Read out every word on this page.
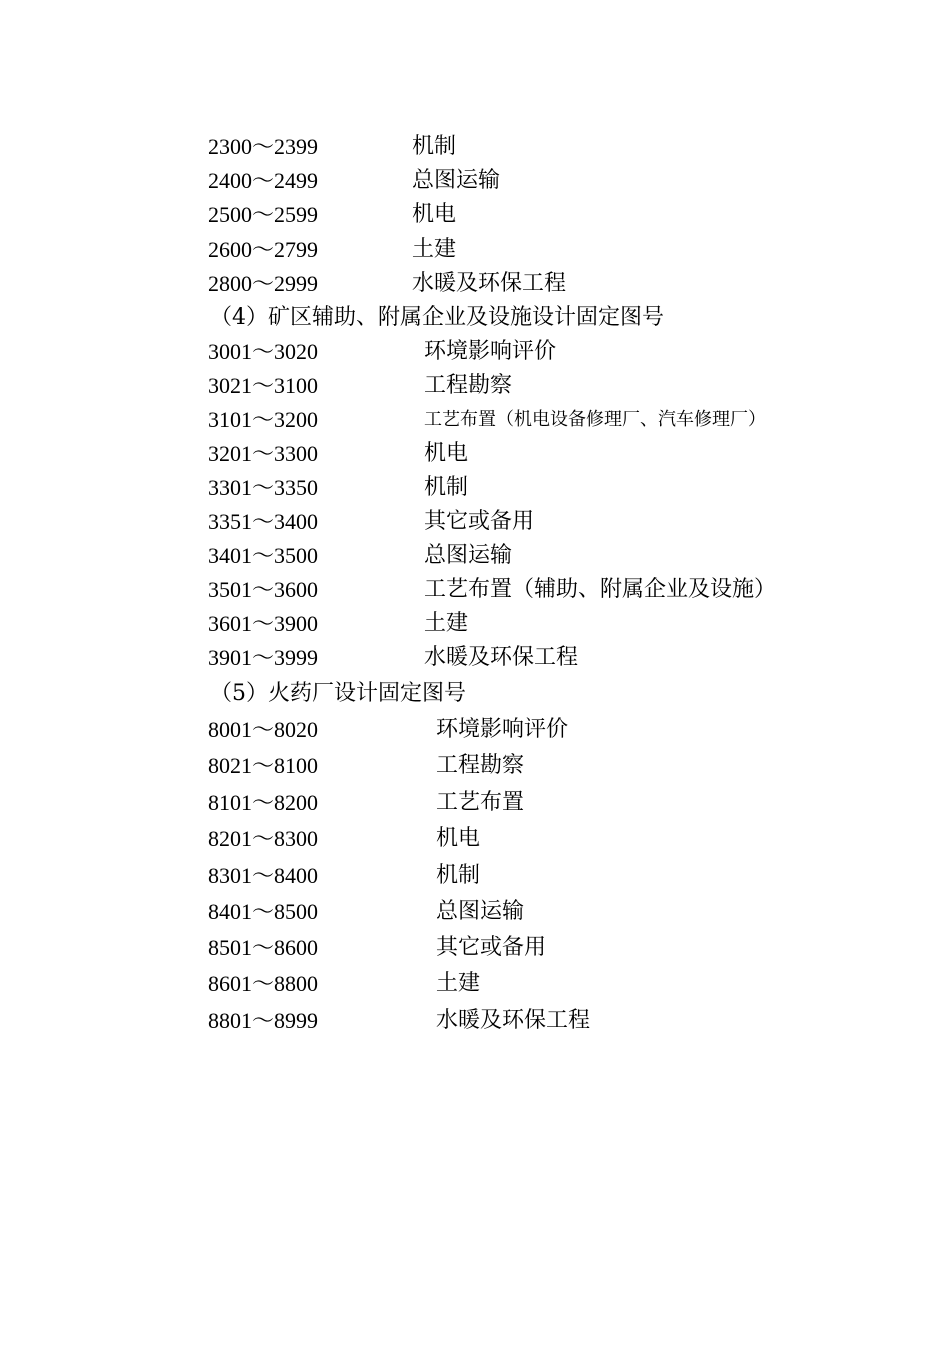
2300～2399	机制
2400～2499	总图运输
2500～2599	机电
2600～2799	土建
2800～2999	水暖及环保工程
（4）矿区辅助、附属企业及设施设计固定图号
3001～3020	环境影响评价
3021～3100	工程勘察
3101～3200	工艺布置（机电设备修理厂、汽车修理厂）
3201～3300	机电
3301～3350	机制
3351～3400	其它或备用
3401～3500	总图运输
3501～3600	工艺布置（辅助、附属企业及设施）
3601～3900	土建
3901～3999	水暖及环保工程
（5）火药厂设计固定图号
8001～8020	环境影响评价
8021～8100	工程勘察
8101～8200	工艺布置
8201～8300	机电
8301～8400	机制
8401～8500	总图运输
8501～8600	其它或备用
8601～8800	土建
8801～8999	水暖及环保工程
